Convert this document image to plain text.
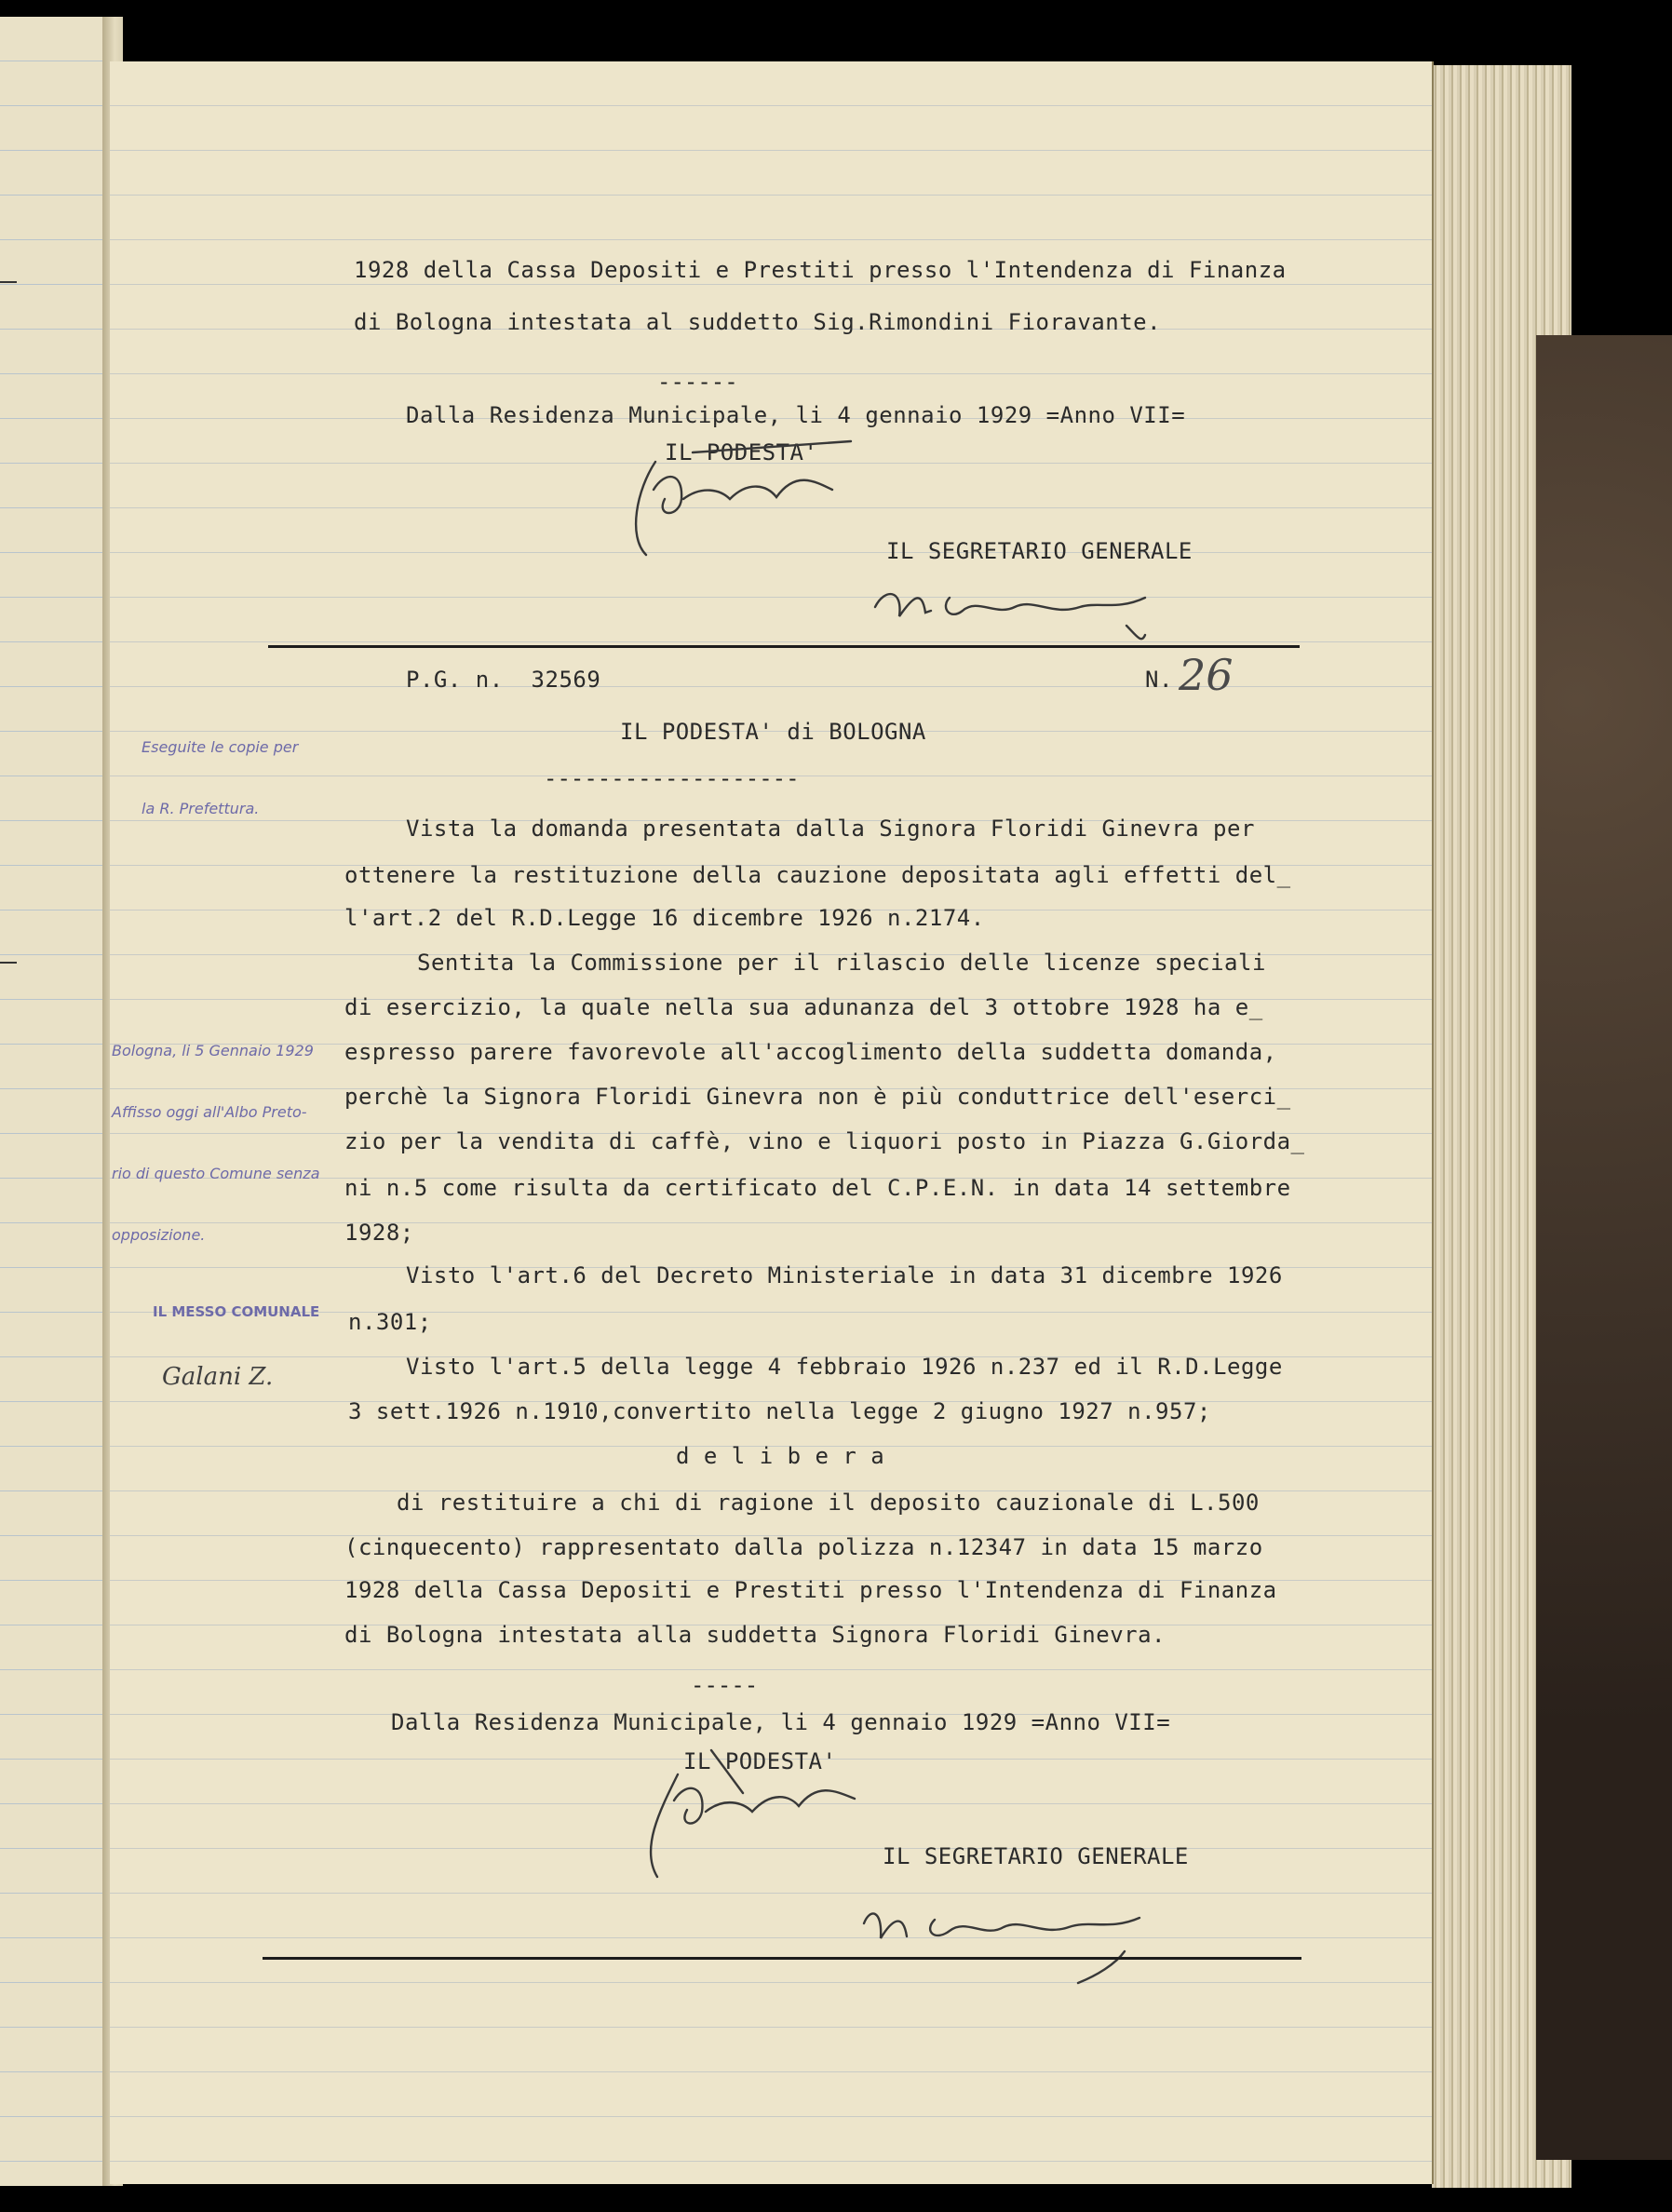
1928 della Cassa Depositi e Prestiti presso l'Intendenza di Finanza
di Bologna intestata al suddetto Sig.Rimondini Fioravante.
------
Dalla Residenza Municipale, li 4 gennaio 1929 =Anno VII=
IL PODESTA'
IL SEGRETARIO GENERALE
P.G. n.  32569	N. 26
IL PODESTA' di BOLOGNA
-------------------
Vista la domanda presentata dalla Signora Floridi Ginevra per
ottenere la restituzione della cauzione depositata agli effetti del_
l'art.2 del R.D.Legge 16 dicembre 1926 n.2174.
Sentita la Commissione per il rilascio delle licenze speciali
di esercizio, la quale nella sua adunanza del 3 ottobre 1928 ha e_
espresso parere favorevole all'accoglimento della suddetta domanda,
perchè la Signora Floridi Ginevra non è più conduttrice dell'eserci_
zio per la vendita di caffè, vino e liquori posto in Piazza G.Giorda_
ni n.5 come risulta da certificato del C.P.E.N. in data 14 settembre
1928;
Visto l'art.6 del Decreto Ministeriale in data 31 dicembre 1926
n.301;
Visto l'art.5 della legge 4 febbraio 1926 n.237 ed il R.D.Legge
3 sett.1926 n.1910,convertito nella legge 2 giugno 1927 n.957;
d e l i b e r a
di restituire a chi di ragione il deposito cauzionale di L.500
(cinquecento) rappresentato dalla polizza n.12347 in data 15 marzo
1928 della Cassa Depositi e Prestiti presso l'Intendenza di Finanza
di Bologna intestata alla suddetta Signora Floridi Ginevra.
-----
Dalla Residenza Municipale, li 4 gennaio 1929 =Anno VII=
IL PODESTA'
IL SEGRETARIO GENERALE

Eseguite le copie per

la R. Prefettura.

Bologna, li 5 Gennaio 1929

Affisso oggi all'Albo Preto-

rio di questo Comune senza

opposizione.

IL MESSO COMUNALE

Galani Z.
